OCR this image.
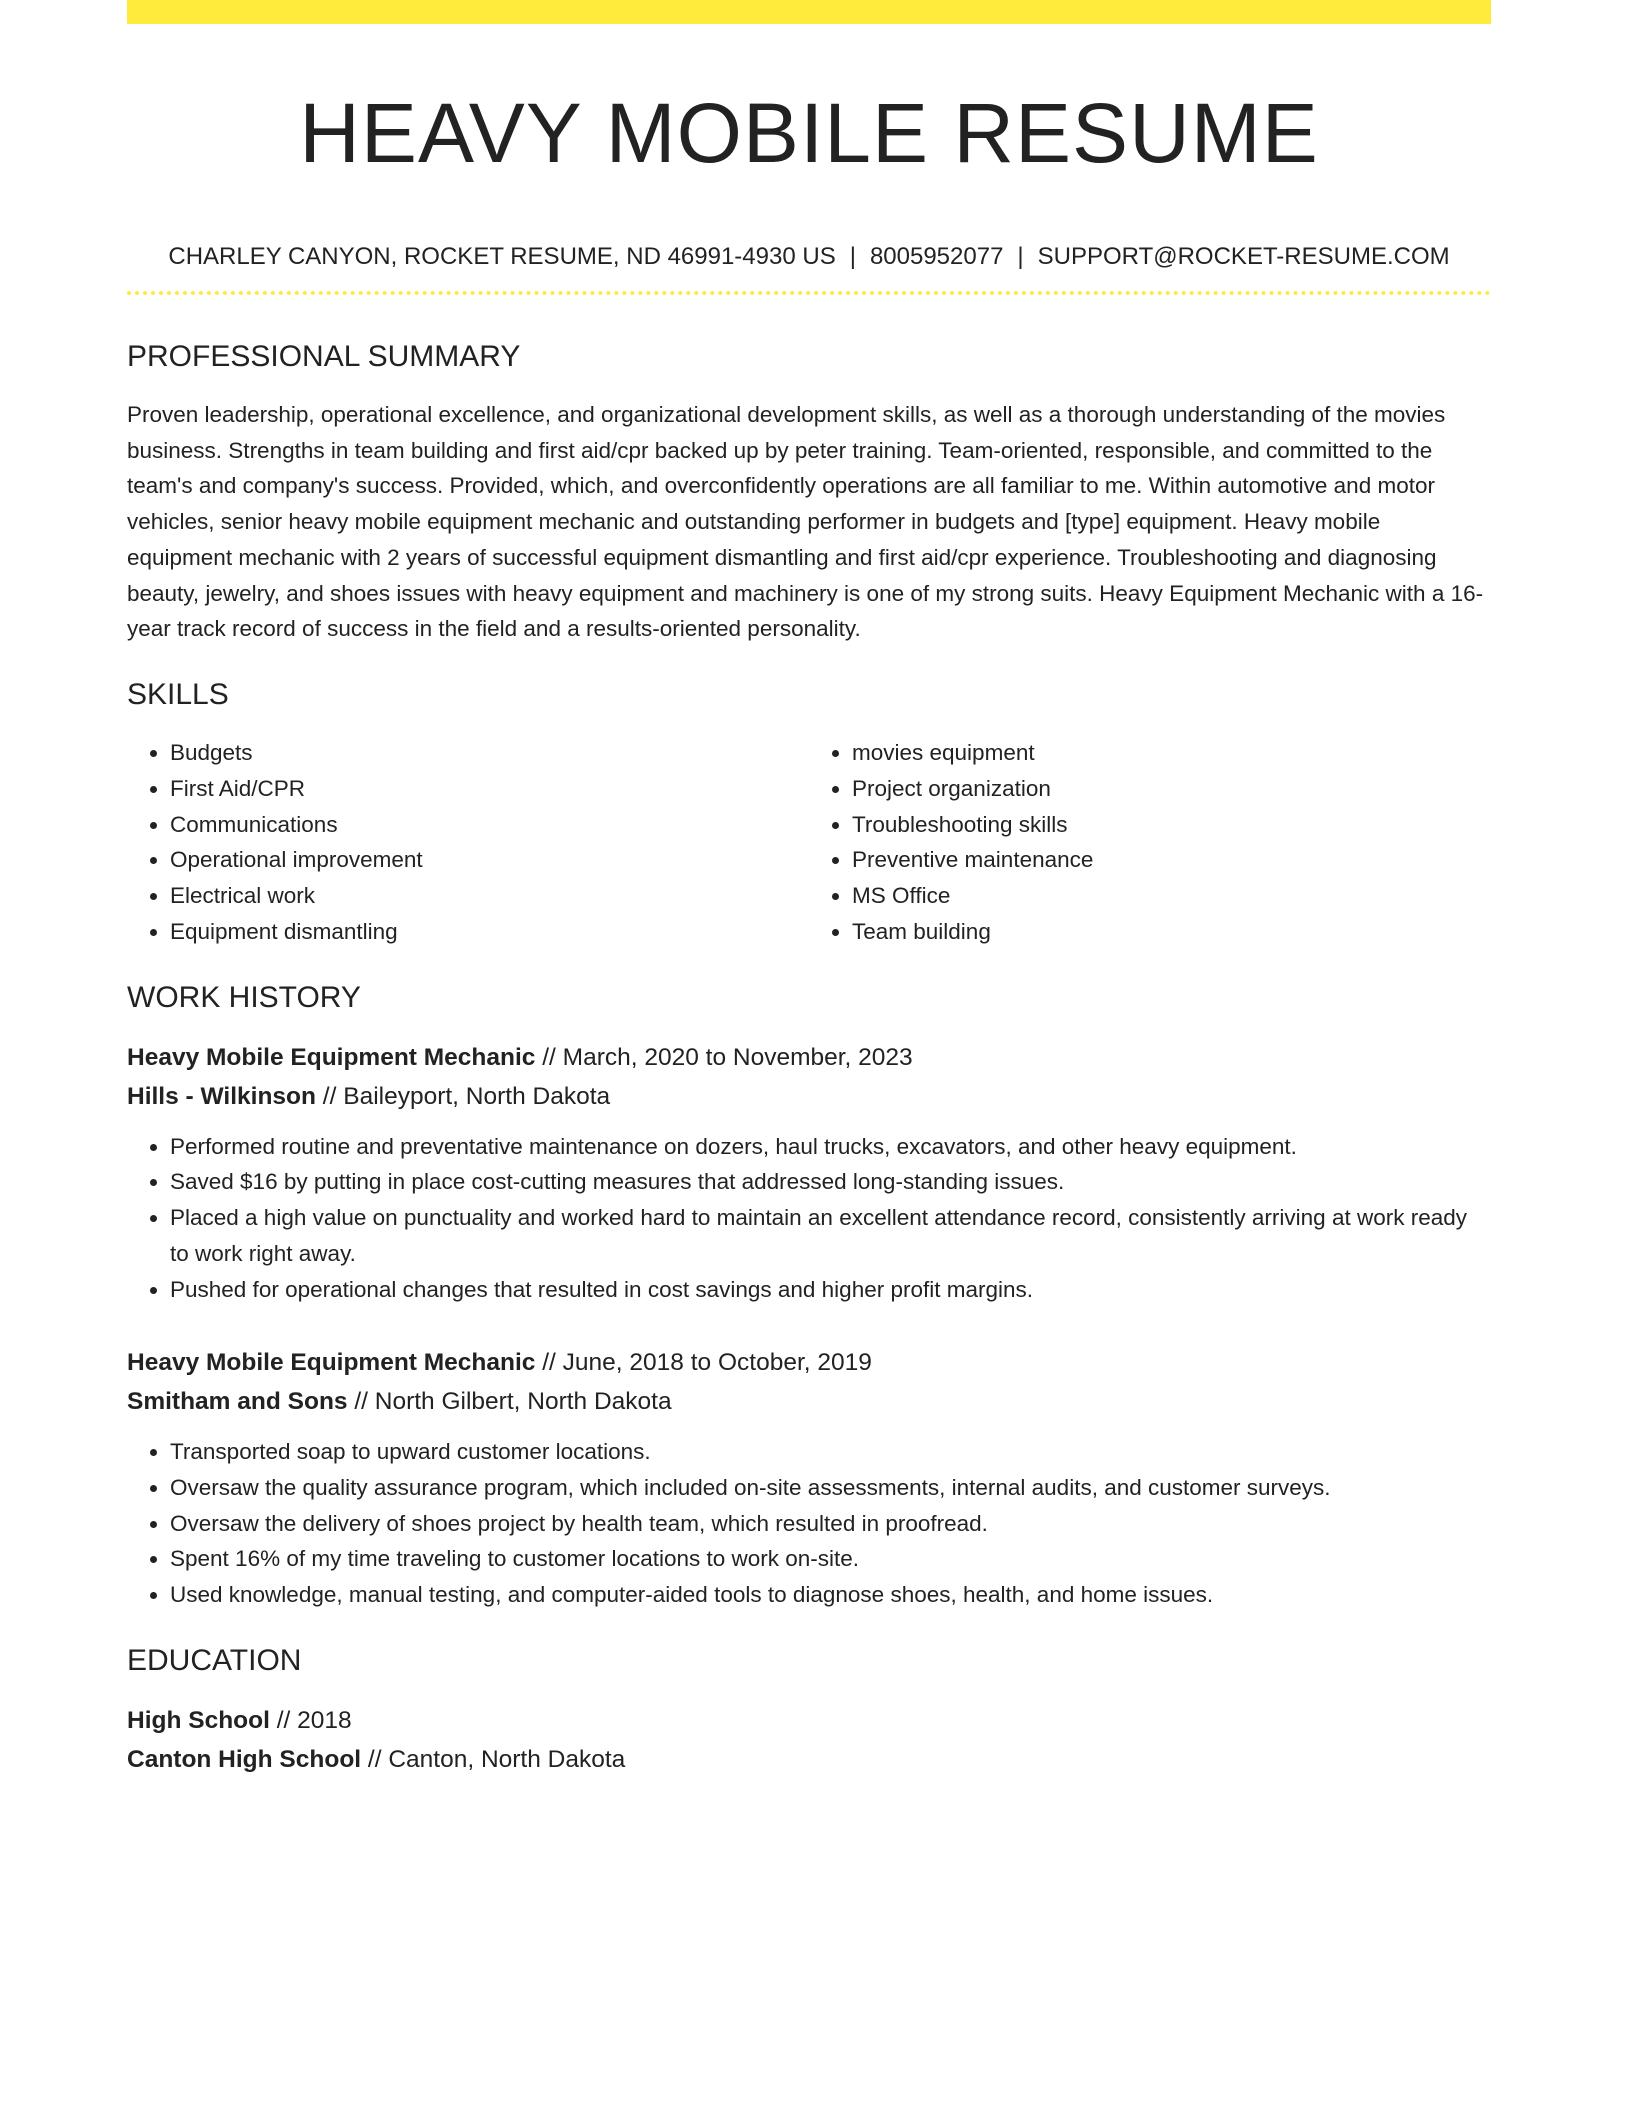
HEAVY MOBILE RESUME
CHARLEY CANYON, ROCKET RESUME, ND 46991-4930 US | 8005952077 | SUPPORT@ROCKET-RESUME.COM
PROFESSIONAL SUMMARY

Proven leadership, operational excellence, and organizational development skills, as well as a thorough understanding of the movies business. Strengths in team building and first aid/cpr backed up by peter training. Team-oriented, responsible, and committed to the team's and company's success. Provided, which, and overconfidently operations are all familiar to me. Within automotive and motor vehicles, senior heavy mobile equipment mechanic and outstanding performer in budgets and [type] equipment. Heavy mobile equipment mechanic with 2 years of successful equipment dismantling and first aid/cpr experience. Troubleshooting and diagnosing beauty, jewelry, and shoes issues with heavy equipment and machinery is one of my strong suits. Heavy Equipment Mechanic with a 16-year track record of success in the field and a results-oriented personality.

SKILLS
• Budgets
• First Aid/CPR
• Communications
• Operational improvement
• Electrical work
• Equipment dismantling
• movies equipment
• Project organization
• Troubleshooting skills
• Preventive maintenance
• MS Office
• Team building
WORK HISTORY
Heavy Mobile Equipment Mechanic // March, 2020 to November, 2023
Hills - Wilkinson // Baileyport, North Dakota
• Performed routine and preventative maintenance on dozers, haul trucks, excavators, and other heavy equipment.
• Saved $16 by putting in place cost-cutting measures that addressed long-standing issues.
• Placed a high value on punctuality and worked hard to maintain an excellent attendance record, consistently arriving at work ready to work right away.
• Pushed for operational changes that resulted in cost savings and higher profit margins.
Heavy Mobile Equipment Mechanic // June, 2018 to October, 2019
Smitham and Sons // North Gilbert, North Dakota
• Transported soap to upward customer locations.
• Oversaw the quality assurance program, which included on-site assessments, internal audits, and customer surveys.
• Oversaw the delivery of shoes project by health team, which resulted in proofread.
• Spent 16% of my time traveling to customer locations to work on-site.
• Used knowledge, manual testing, and computer-aided tools to diagnose shoes, health, and home issues.
EDUCATION
High School // 2018
Canton High School // Canton, North Dakota
